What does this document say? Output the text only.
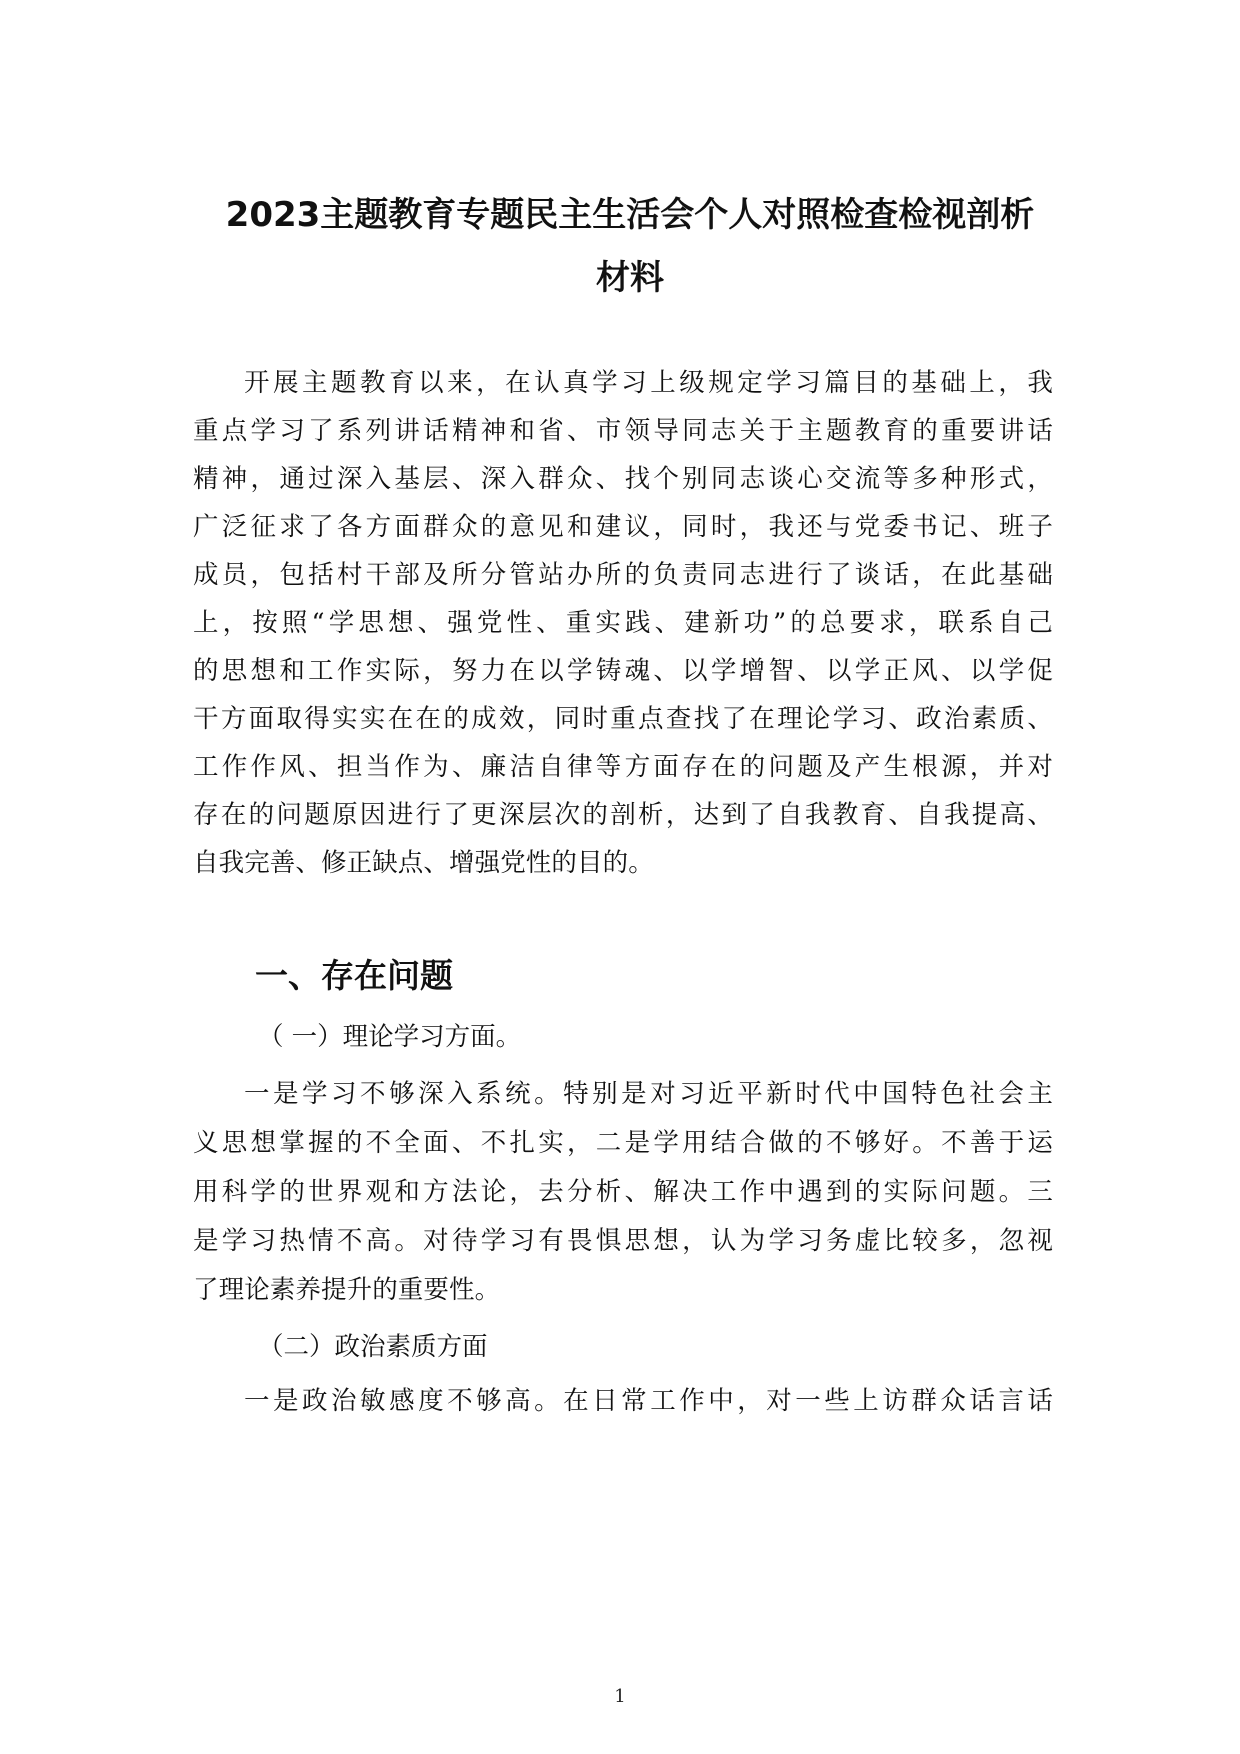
2023主题教育专题民主生活会个人对照检查检视剖析
材料
开展主题教育以来，在认真学习上级规定学习篇目的基础上，我
重点学习了系列讲话精神和省、市领导同志关于主题教育的重要讲话
精神，通过深入基层、深入群众、找个别同志谈心交流等多种形式，
广泛征求了各方面群众的意见和建议，同时，我还与党委书记、班子
成员，包括村干部及所分管站办所的负责同志进行了谈话，在此基础
上，按照“学思想、强党性、重实践、建新功”的总要求，联系自己
的思想和工作实际，努力在以学铸魂、以学增智、以学正风、以学促
干方面取得实实在在的成效，同时重点查找了在理论学习、政治素质、
工作作风、担当作为、廉洁自律等方面存在的问题及产生根源，并对
存在的问题原因进行了更深层次的剖析，达到了自我教育、自我提高、
自我完善、修正缺点、增强党性的目的。
一、存在问题
（ 一）理论学习方面。
一是学习不够深入系统。特别是对习近平新时代中国特色社会主
义思想掌握的不全面、不扎实，二是学用结合做的不够好。不善于运
用科学的世界观和方法论，去分析、解决工作中遇到的实际问题。三
是学习热情不高。对待学习有畏惧思想，认为学习务虚比较多，忽视
了理论素养提升的重要性。
（二）政治素质方面
一是政治敏感度不够高。在日常工作中，对一些上访群众话言话
1
